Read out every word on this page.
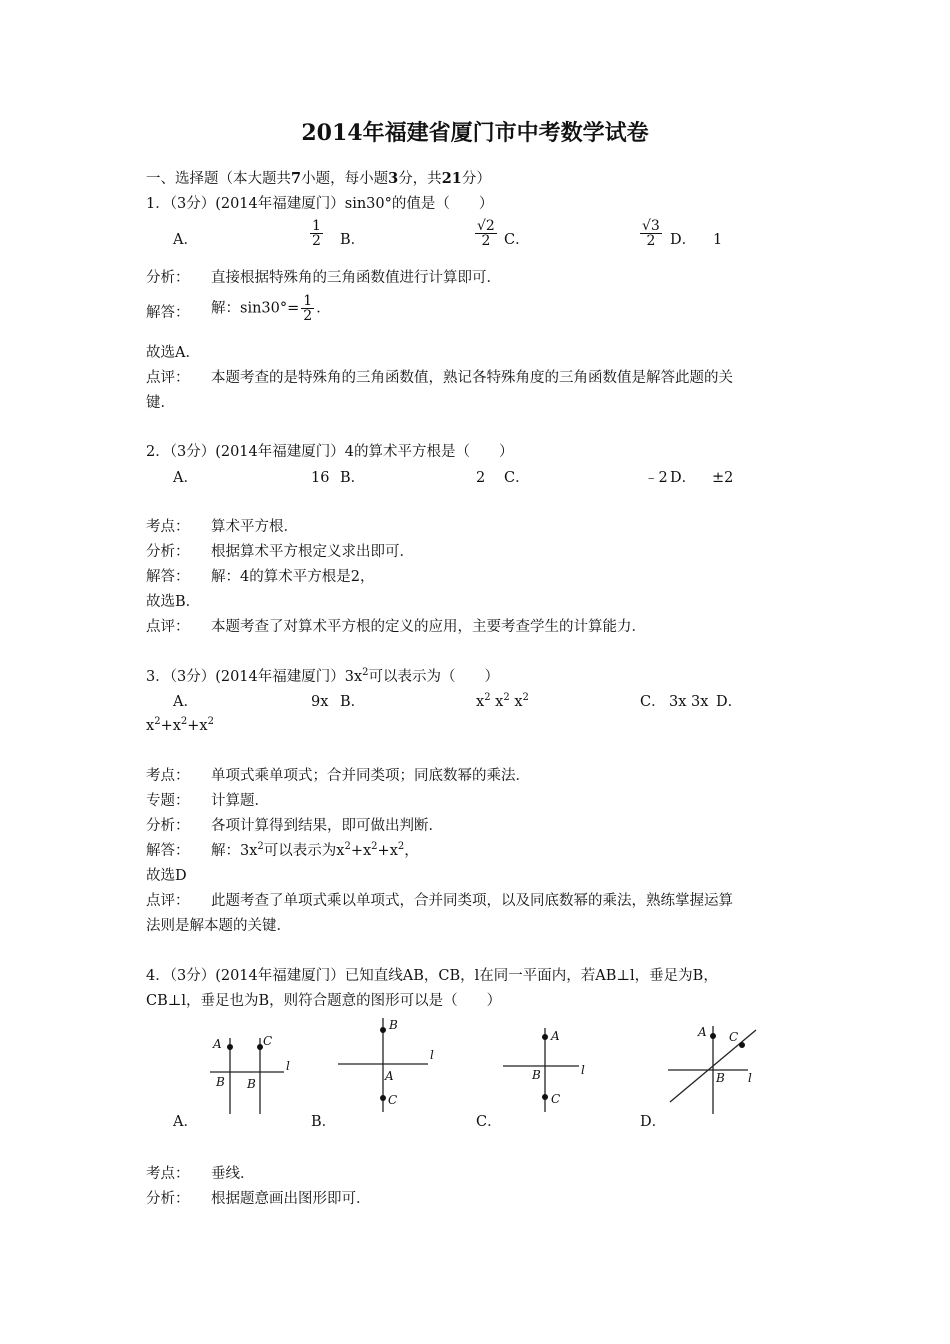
2014年福建省厦门市中考数学试卷
一、选择题（本大题共7小题，每小题3分，共21分）
1．（3分）(2014年福建厦门）sin30°的值是（　　）
A．	$\frac{1}{2}$ B．	$\frac{√2}{2}$ C．	$\frac{√3}{2}$ D． 1
分析： 直接根据特殊角的三角函数值进行计算即可．
解答： 解：$\sin 30^\circ= \frac{1}{2}$ ．
故选A．
点评： 本题考查的是特殊角的三角函数值，熟记各特殊角度的三角函数值是解答此题的关
键．
2．（3分）(2014年福建厦门）4的算术平方根是（　　）
A．	16 B．	2 C．	﹣2 D． ±2
考点： 算术平方根．
分析： 根据算术平方根定义求出即可．
解答： 解：4的算术平方根是2，
故选B．
点评： 本题考查了对算术平方根的定义的应用，主要考查学生的计算能力．
3．（3分）(2014年福建厦门）$3x^2$可以表示为（　　）
A．	9x B．	$x^2$ $x^2$ $x^2$	C． 3x 3x D．
$x^2+x^2+x^2$
考点： 单项式乘单项式；合并同类项；同底数幂的乘法．
专题： 计算题．
分析： 各项计算得到结果，即可做出判断．
解答： 解：$3x^2$可以表示为$x^2+x^2+x^2$，
故选D
点评： 此题考查了单项式乘以单项式，合并同类项，以及同底数幂的乘法，熟练掌握运算
法则是解本题的关键．
4．（3分）(2014年福建厦门）已知直线AB，CB，l在同一平面内，若AB⊥l，垂足为B，
CB⊥l，垂足也为B，则符合题意的图形可以是（　　）
A	C
B B
l
B
A
C
l
A
B
C
l
A C
B l
A．	B．	C．	D．
考点： 垂线．
分析： 根据题意画出图形即可．
